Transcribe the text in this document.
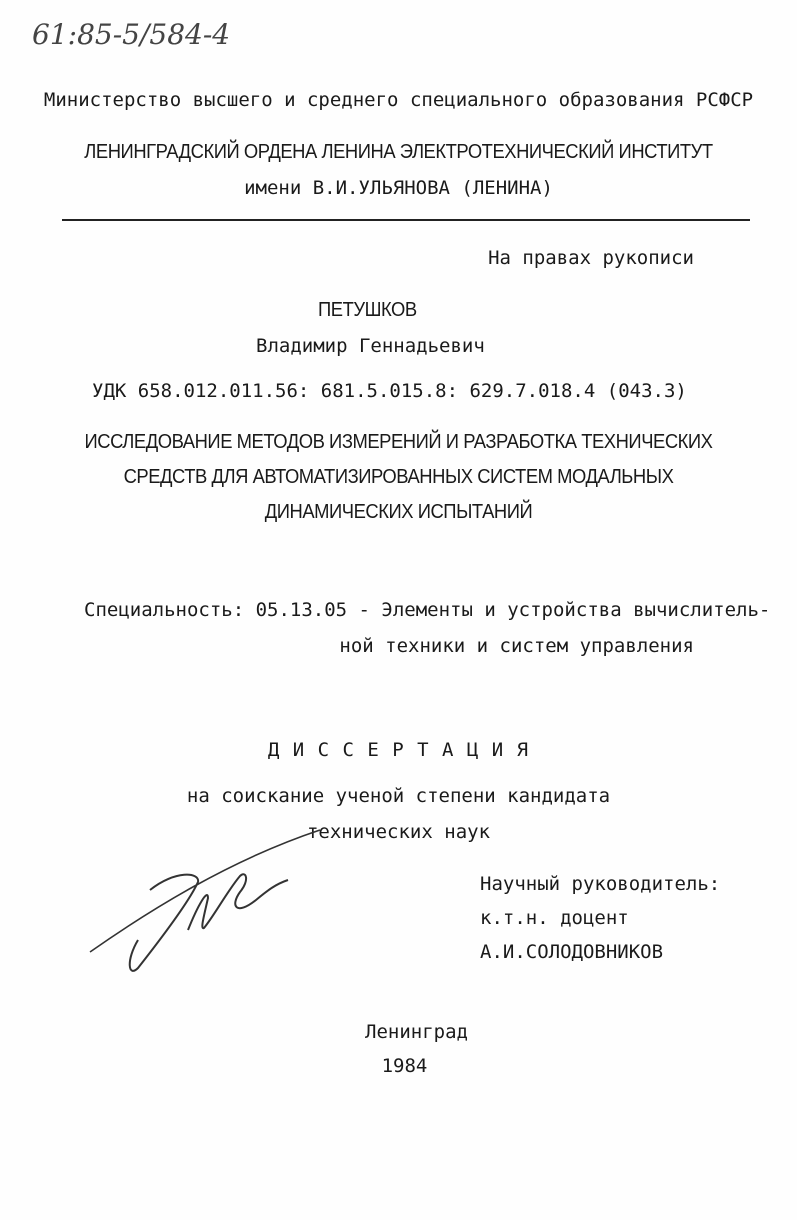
61:85-5/584-4
Министерство высшего и среднего специального образования РСФСР
ЛЕНИНГРАДСКИЙ ОРДЕНА ЛЕНИНА ЭЛЕКТРОТЕХНИЧЕСКИЙ ИНСТИТУТ
имени В.И.УЛЬЯНОВА (ЛЕНИНА)
На правах рукописи
ПЕТУШКОВ
Владимир Геннадьевич
УДК 658.012.011.56: 681.5.015.8: 629.7.018.4 (043.3)
ИССЛЕДОВАНИЕ МЕТОДОВ ИЗМЕРЕНИЙ И РАЗРАБОТКА ТЕХНИЧЕСКИХ
СРЕДСТВ ДЛЯ АВТОМАТИЗИРОВАННЫХ СИСТЕМ МОДАЛЬНЫХ
ДИНАМИЧЕСКИХ ИСПЫТАНИЙ
Специальность: 05.13.05 - Элементы и устройства вычислитель-
ной техники и систем управления
Д И С С Е Р Т А Ц И Я
на соискание ученой степени кандидата
технических наук
Научный руководитель:
к.т.н. доцент
А.И.СОЛОДОВНИКОВ
Ленинград
1984
